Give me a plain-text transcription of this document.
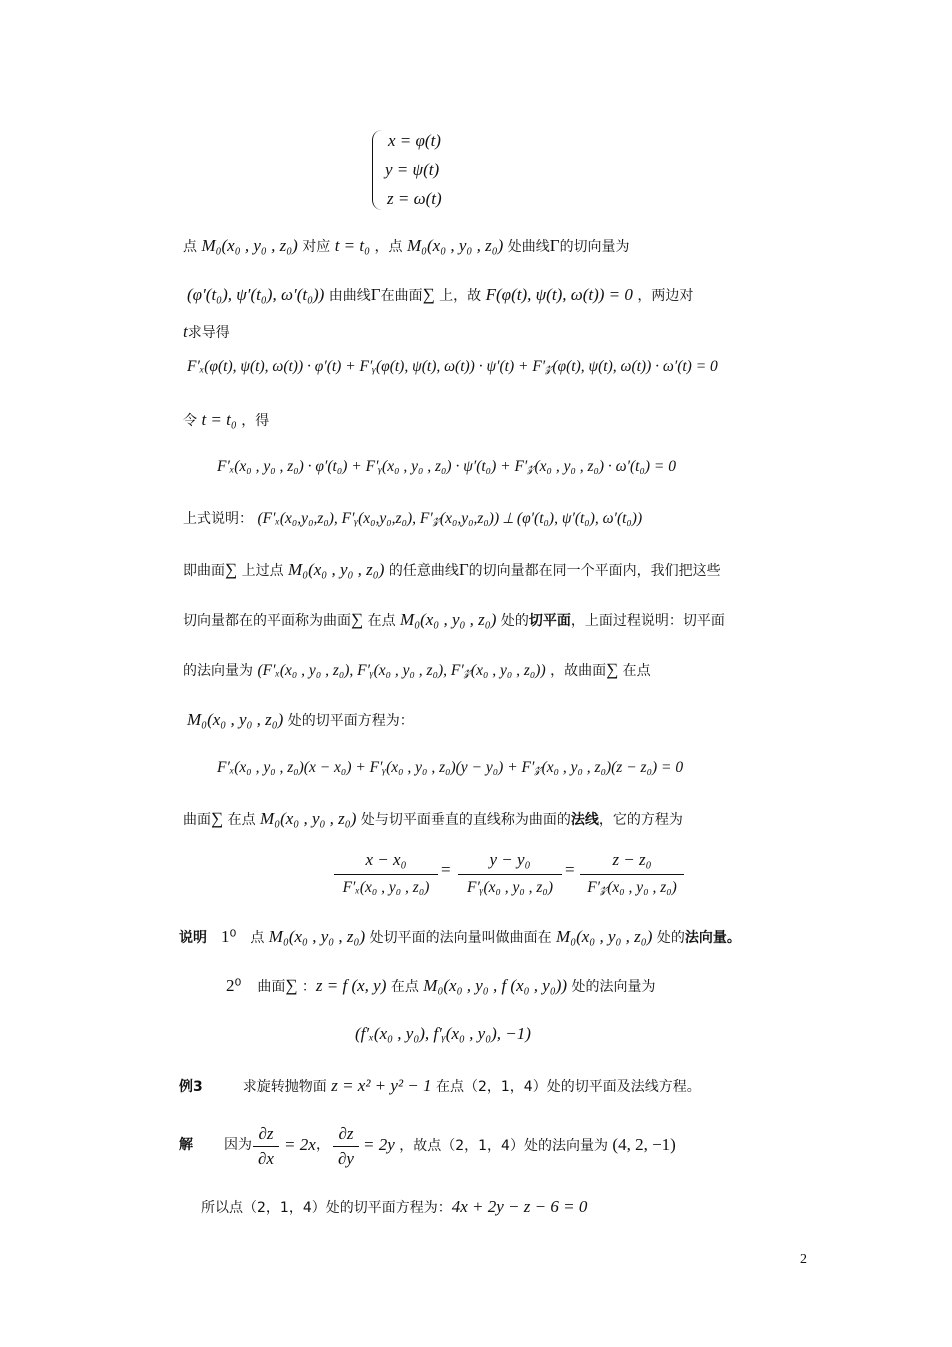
x = φ(t)
y = ψ(t)
z = ω(t)
点 M₀(x₀ , y₀ , z₀) 对应 t = t₀ ，点 M₀(x₀ , y₀ , z₀) 处曲线Γ的切向量为
(φ′(t₀), ψ′(t₀), ω′(t₀)) 由曲线Γ在曲面∑ 上，故 F(φ(t), ψ(t), ω(t)) = 0 ，两边对
t求导得
F′ₓ(φ(t), ψ(t), ω(t)) · φ′(t) + F′ᵧ(φ(t), ψ(t), ω(t)) · ψ′(t) + F′𝓏(φ(t), ψ(t), ω(t)) · ω′(t) = 0
令 t = t₀ ，得
F′ₓ(x₀ , y₀ , z₀) · φ′(t₀) + F′ᵧ(x₀ , y₀ , z₀) · ψ′(t₀) + F′𝓏(x₀ , y₀ , z₀) · ω′(t₀) = 0
上式说明： (F′ₓ(x₀,y₀,z₀), F′ᵧ(x₀,y₀,z₀), F′𝓏(x₀,y₀,z₀)) ⊥ (φ′(t₀), ψ′(t₀), ω′(t₀))
即曲面∑ 上过点 M₀(x₀ , y₀ , z₀) 的任意曲线Γ的切向量都在同一个平面内，我们把这些
切向量都在的平面称为曲面∑ 在点 M₀(x₀ , y₀ , z₀) 处的切平面，上面过程说明：切平面
的法向量为 (F′ₓ(x₀ , y₀ , z₀), F′ᵧ(x₀ , y₀ , z₀), F′𝓏(x₀ , y₀ , z₀)) ，故曲面∑ 在点
M₀(x₀ , y₀ , z₀) 处的切平面方程为：
F′ₓ(x₀ , y₀ , z₀)(x − x₀) + F′ᵧ(x₀ , y₀ , z₀)(y − y₀) + F′𝓏(x₀ , y₀ , z₀)(z − z₀) = 0
曲面∑ 在点 M₀(x₀ , y₀ , z₀) 处与切平面垂直的直线称为曲面的法线，它的方程为
x − x₀
F′ₓ(x₀ , y₀ , z₀)
=
y − y₀
F′ᵧ(x₀ , y₀ , z₀)
=
z − z₀
F′𝓏(x₀ , y₀ , z₀)
说明 1⁰ 点 M₀(x₀ , y₀ , z₀) 处切平面的法向量叫做曲面在 M₀(x₀ , y₀ , z₀) 处的法向量。
2⁰ 曲面∑ ：z = f (x, y) 在点 M₀(x₀ , y₀ , f (x₀ , y₀)) 处的法向量为
(f′ₓ(x₀ , y₀), f′ᵧ(x₀ , y₀), −1)
例3	求旋转抛物面 z = x² + y² − 1 在点（2，1，4）处的切平面及法线方程。
解 因为
∂z
∂x
= 2x ，
∂z
∂y
= 2y ，故点（2，1，4）处的法向量为 (4, 2, −1)
所以点（2，1，4）处的切平面方程为：4x + 2y − z − 6 = 0
2
